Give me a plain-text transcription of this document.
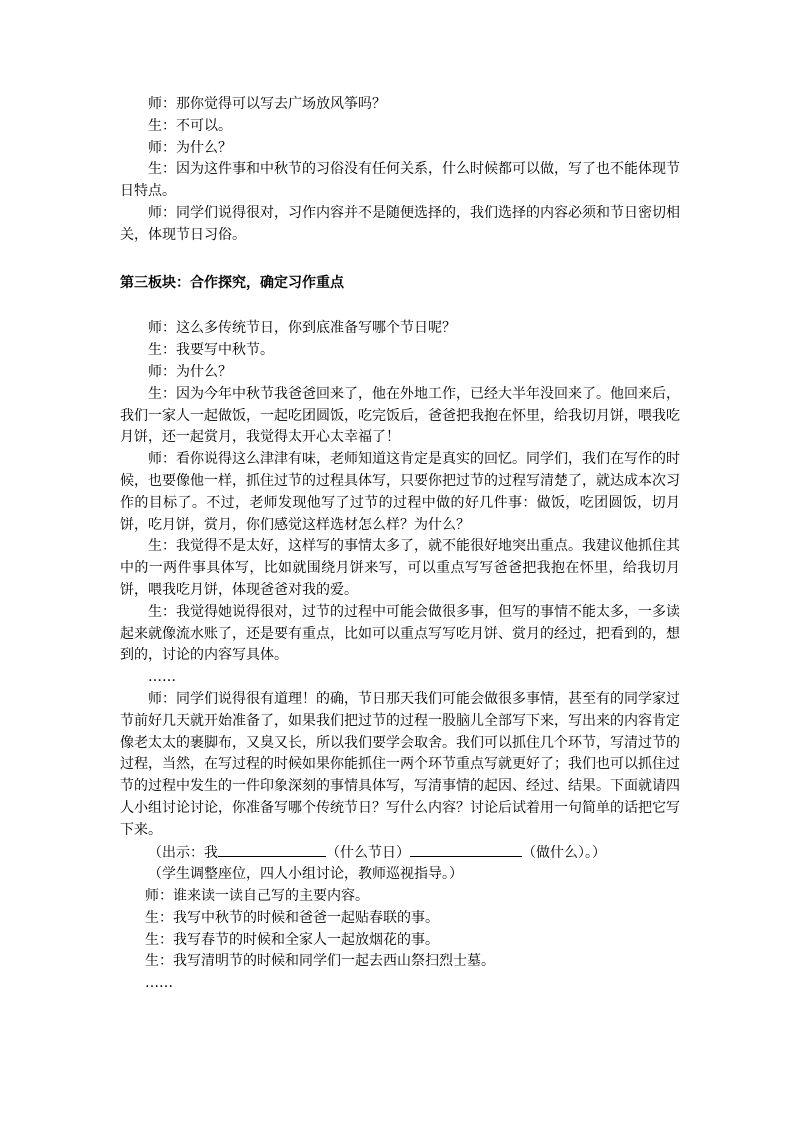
师：那你觉得可以写去广场放风筝吗？

生：不可以。

师：为什么？

生：因为这件事和中秋节的习俗没有任何关系，什么时候都可以做，写了也不能体现节日特点。

师：同学们说得很对，习作内容并不是随便选择的，我们选择的内容必须和节日密切相关，体现节日习俗。

第三板块：合作探究，确定习作重点

师：这么多传统节日，你到底准备写哪个节日呢？

生：我要写中秋节。

师：为什么？

生：因为今年中秋节我爸爸回来了，他在外地工作，已经大半年没回来了。他回来后，我们一家人一起做饭，一起吃团圆饭，吃完饭后，爸爸把我抱在怀里，给我切月饼，喂我吃月饼，还一起赏月，我觉得太开心太幸福了！

师：看你说得这么津津有味，老师知道这肯定是真实的回忆。同学们，我们在写作的时候，也要像他一样，抓住过节的过程具体写，只要你把过节的过程写清楚了，就达成本次习作的目标了。不过，老师发现他写了过节的过程中做的好几件事：做饭，吃团圆饭，切月饼，吃月饼，赏月，你们感觉这样选材怎么样？为什么？

生：我觉得不是太好，这样写的事情太多了，就不能很好地突出重点。我建议他抓住其中的一两件事具体写，比如就围绕月饼来写，可以重点写写爸爸把我抱在怀里，给我切月饼，喂我吃月饼，体现爸爸对我的爱。

生：我觉得她说得很对，过节的过程中可能会做很多事，但写的事情不能太多，一多读起来就像流水账了，还是要有重点，比如可以重点写写吃月饼、赏月的经过，把看到的，想到的，讨论的内容写具体。

……

师：同学们说得很有道理！的确，节日那天我们可能会做很多事情，甚至有的同学家过节前好几天就开始准备了，如果我们把过节的过程一股脑儿全部写下来，写出来的内容肯定像老太太的裹脚布，又臭又长，所以我们要学会取舍。我们可以抓住几个环节，写清过节的过程，当然，在写过程的时候如果你能抓住一两个环节重点写就更好了；我们也可以抓住过节的过程中发生的一件印象深刻的事情具体写，写清事情的起因、经过、结果。下面就请四人小组讨论讨论，你准备写哪个传统节日？写什么内容？讨论后试着用一句简单的话把它写下来。

（出示：我	（什么节日）	（做什么）。）

（学生调整座位，四人小组讨论，教师巡视指导。）

师：谁来读一读自己写的主要内容。

生：我写中秋节的时候和爸爸一起贴春联的事。

生：我写春节的时候和全家人一起放烟花的事。

生：我写清明节的时候和同学们一起去西山祭扫烈士墓。

……
